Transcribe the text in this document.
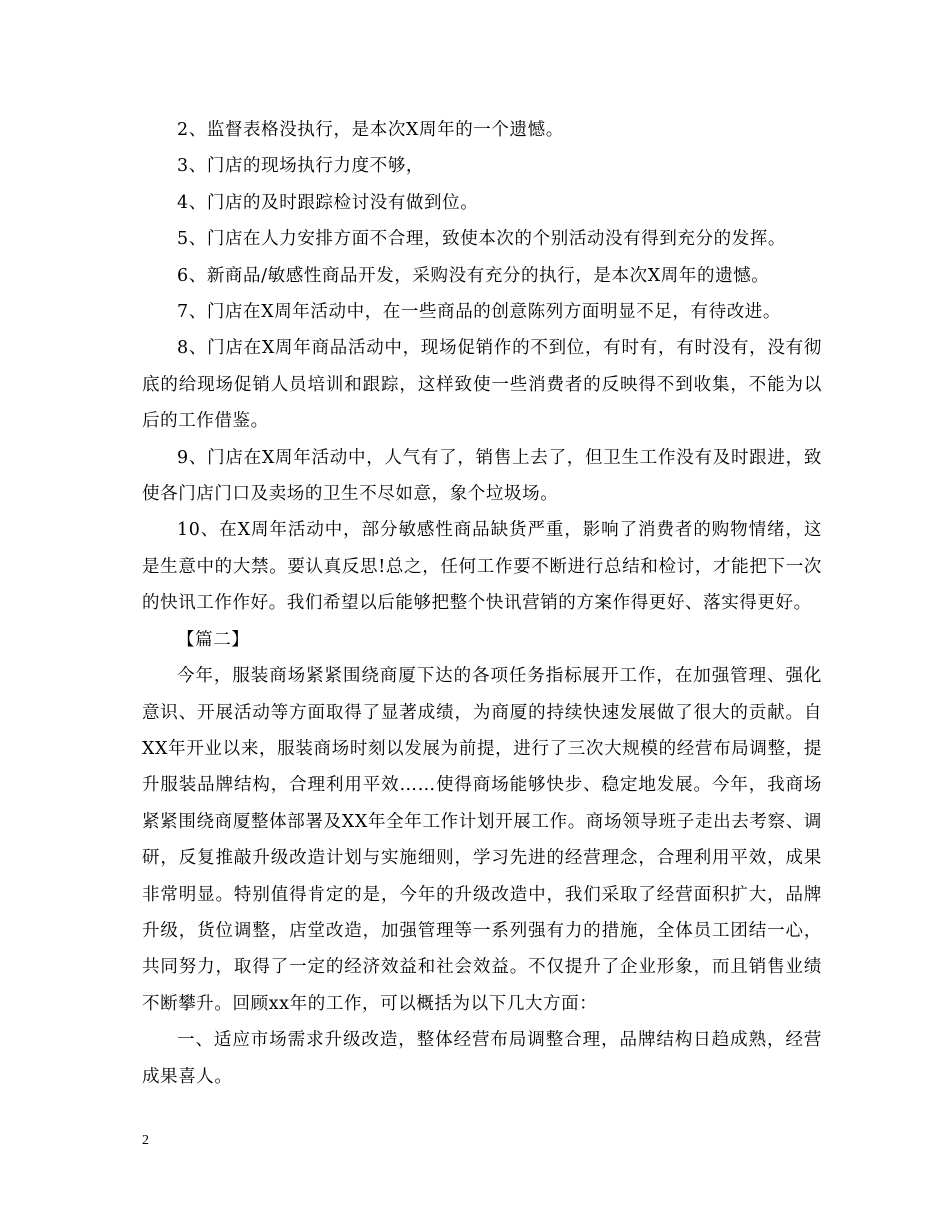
2、监督表格没执行，是本次X周年的一个遗憾。

3、门店的现场执行力度不够，

4、门店的及时跟踪检讨没有做到位。

5、门店在人力安排方面不合理，致使本次的个别活动没有得到充分的发挥。

6、新商品/敏感性商品开发，采购没有充分的执行，是本次X周年的遗憾。

7、门店在X周年活动中，在一些商品的创意陈列方面明显不足，有待改进。

8、门店在X周年商品活动中，现场促销作的不到位，有时有，有时没有，没有彻底的给现场促销人员培训和跟踪，这样致使一些消费者的反映得不到收集，不能为以后的工作借鉴。

9、门店在X周年活动中，人气有了，销售上去了，但卫生工作没有及时跟进，致使各门店门口及卖场的卫生不尽如意，象个垃圾场。

10、在X周年活动中，部分敏感性商品缺货严重，影响了消费者的购物情绪，这是生意中的大禁。要认真反思!总之，任何工作要不断进行总结和检讨，才能把下一次的快讯工作作好。我们希望以后能够把整个快讯营销的方案作得更好、落实得更好。

【篇二】

今年，服装商场紧紧围绕商厦下达的各项任务指标展开工作，在加强管理、强化意识、开展活动等方面取得了显著成绩，为商厦的持续快速发展做了很大的贡献。自XX年开业以来，服装商场时刻以发展为前提，进行了三次大规模的经营布局调整，提升服装品牌结构，合理利用平效……使得商场能够快步、稳定地发展。今年，我商场紧紧围绕商厦整体部署及XX年全年工作计划开展工作。商场领导班子走出去考察、调研，反复推敲升级改造计划与实施细则，学习先进的经营理念，合理利用平效，成果非常明显。特别值得肯定的是，今年的升级改造中，我们采取了经营面积扩大，品牌升级，货位调整，店堂改造，加强管理等一系列强有力的措施，全体员工团结一心，共同努力，取得了一定的经济效益和社会效益。不仅提升了企业形象，而且销售业绩不断攀升。回顾xx年的工作，可以概括为以下几大方面：

一、适应市场需求升级改造，整体经营布局调整合理，品牌结构日趋成熟，经营成果喜人。

2
